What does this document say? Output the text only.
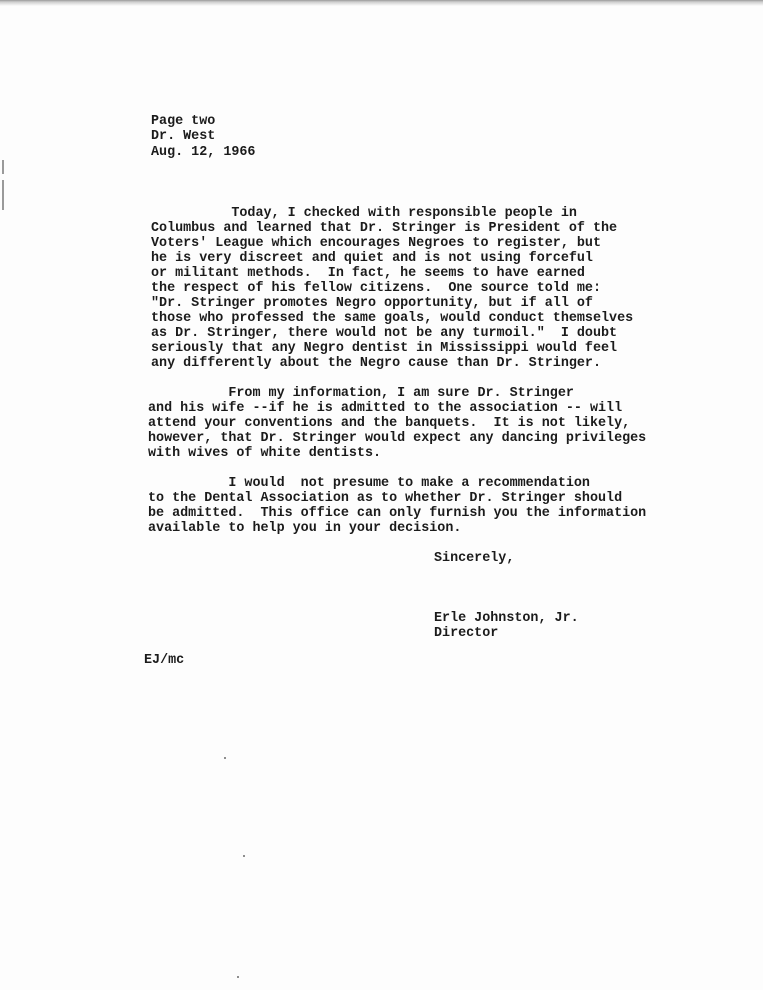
Page two
Dr. West
Aug. 12, 1966
Today, I checked with responsible people in
Columbus and learned that Dr. Stringer is President of the
Voters' League which encourages Negroes to register, but
he is very discreet and quiet and is not using forceful
or militant methods.  In fact, he seems to have earned
the respect of his fellow citizens.  One source told me:
"Dr. Stringer promotes Negro opportunity, but if all of
those who professed the same goals, would conduct themselves
as Dr. Stringer, there would not be any turmoil."  I doubt
seriously that any Negro dentist in Mississippi would feel
any differently about the Negro cause than Dr. Stringer.
From my information, I am sure Dr. Stringer
and his wife --if he is admitted to the association -- will
attend your conventions and the banquets.  It is not likely,
however, that Dr. Stringer would expect any dancing privileges
with wives of white dentists.
I would  not presume to make a recommendation
to the Dental Association as to whether Dr. Stringer should
be admitted.  This office can only furnish you the information
available to help you in your decision.
Sincerely,
Erle Johnston, Jr.
Director
EJ/mc
